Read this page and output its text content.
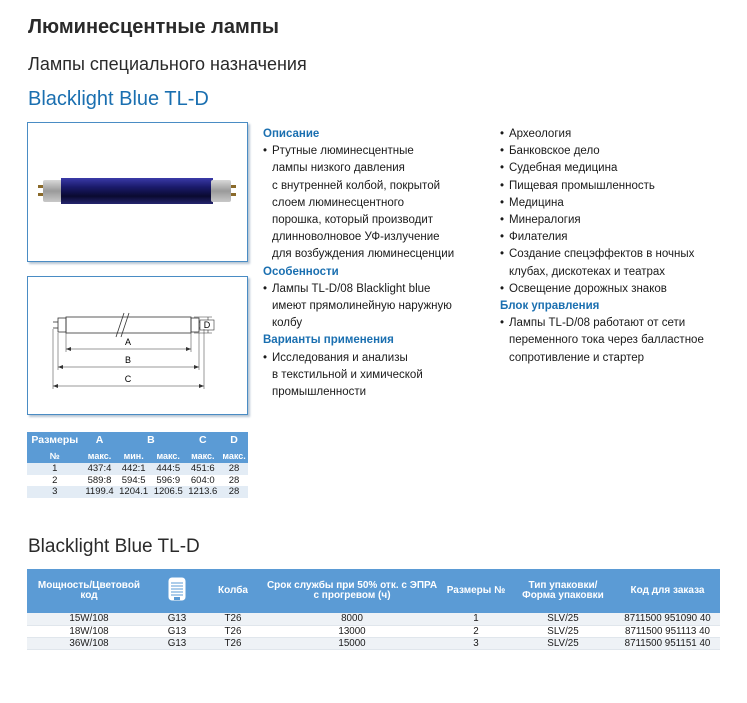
Люминесцентные лампы
Лампы специального назначения
Blacklight Blue TL-D
D
A
B
C
Описание
• Ртутные люминесцентные
лампы низкого давления
с внутренней колбой, покрытой
слоем люминесцентного
порошка, который производит
длинноволновое УФ-излучение
для возбуждения люминесценции
Особенности
• Лампы TL-D/08 Blacklight blue
имеют прямолинейную наружную
колбу
Варианты применения
• Исследования и анализы
в текстильной и химической
промышленности
• Археология
• Банковское дело
• Судебная медицина
• Пищевая промышленность
• Медицина
• Минералогия
• Филателия
• Создание спецэффектов в ночных
клубах, дискотеках и театрах
• Освещение дорожных знаков
Блок управления
• Лампы TL-D/08 работают от сети
переменного тока через балластное
сопротивление и стартер
Размеры	A	B		C	D
№	макс.	мин.	макс.	макс.	макс.
1	437:4	442:1	444:5	451:6	28
2	589:8	594:5	596:9	604:0	28
3	1199.4	1204.1	1206.5	1213.6	28
Blacklight Blue TL-D
Мощность/Цветовой код		Колба	Срок службы при 50% отк. с ЭПРА с прогревом (ч)	Размеры №	Тип упаковки/ Форма упаковки	Код для заказа
15W/108	G13	T26	8000	1	SLV/25	8711500 951090 40
18W/108	G13	T26	13000	2	SLV/25	8711500 951113 40
36W/108	G13	T26	15000	3	SLV/25	8711500 951151 40
